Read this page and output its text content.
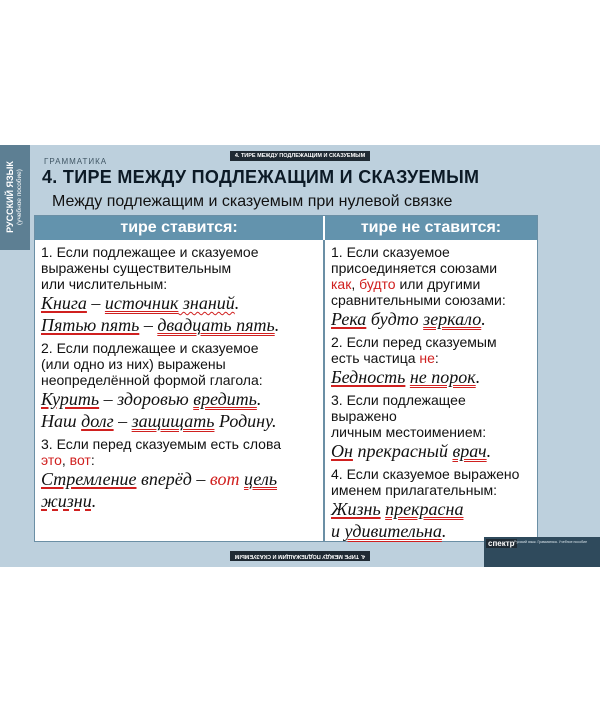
РУССКИЙ ЯЗЫК (учебное пособие)
4. ТИРЕ МЕЖДУ ПОДЛЕЖАЩИМ И СКАЗУЕМЫМ
ГРАММАТИКА
4. ТИРЕ МЕЖДУ ПОДЛЕЖАЩИМ И СКАЗУЕМЫМ
Между подлежащим и сказуемым при нулевой связке
тире ставится:	тире не ставится:

1. Если подлежащее и сказуемое

выражены существительным

или числительным:

Книга – источник знаний.

Пятью пять – двадцать пять.

2. Если подлежащее и сказуемое

(или одно из них) выражены

неопределённой формой глагола:

Курить – здоровью вредить.

Наш долг – защищать Родину.

3. Если перед сказуемым есть слова

это, вот:

Стремление вперёд – вот цель

жизни.

1. Если сказуемое

присоединяется союзами

как, будто или другими

сравнительными союзами:

Река будто зеркало.

2. Если перед сказуемым

есть частица не:

Бедность не порок.

3. Если подлежащее выражено

личным местоимением:

Он прекрасный врач.

4. Если сказуемое выражено

именем прилагательным:

Жизнь прекрасна

и удивительна.

4. ТИРЕ МЕЖДУ ПОДЛЕЖАЩИМ И СКАЗУЕМЫМ
спектр Русский язык. Грамматика. Учебное пособие
